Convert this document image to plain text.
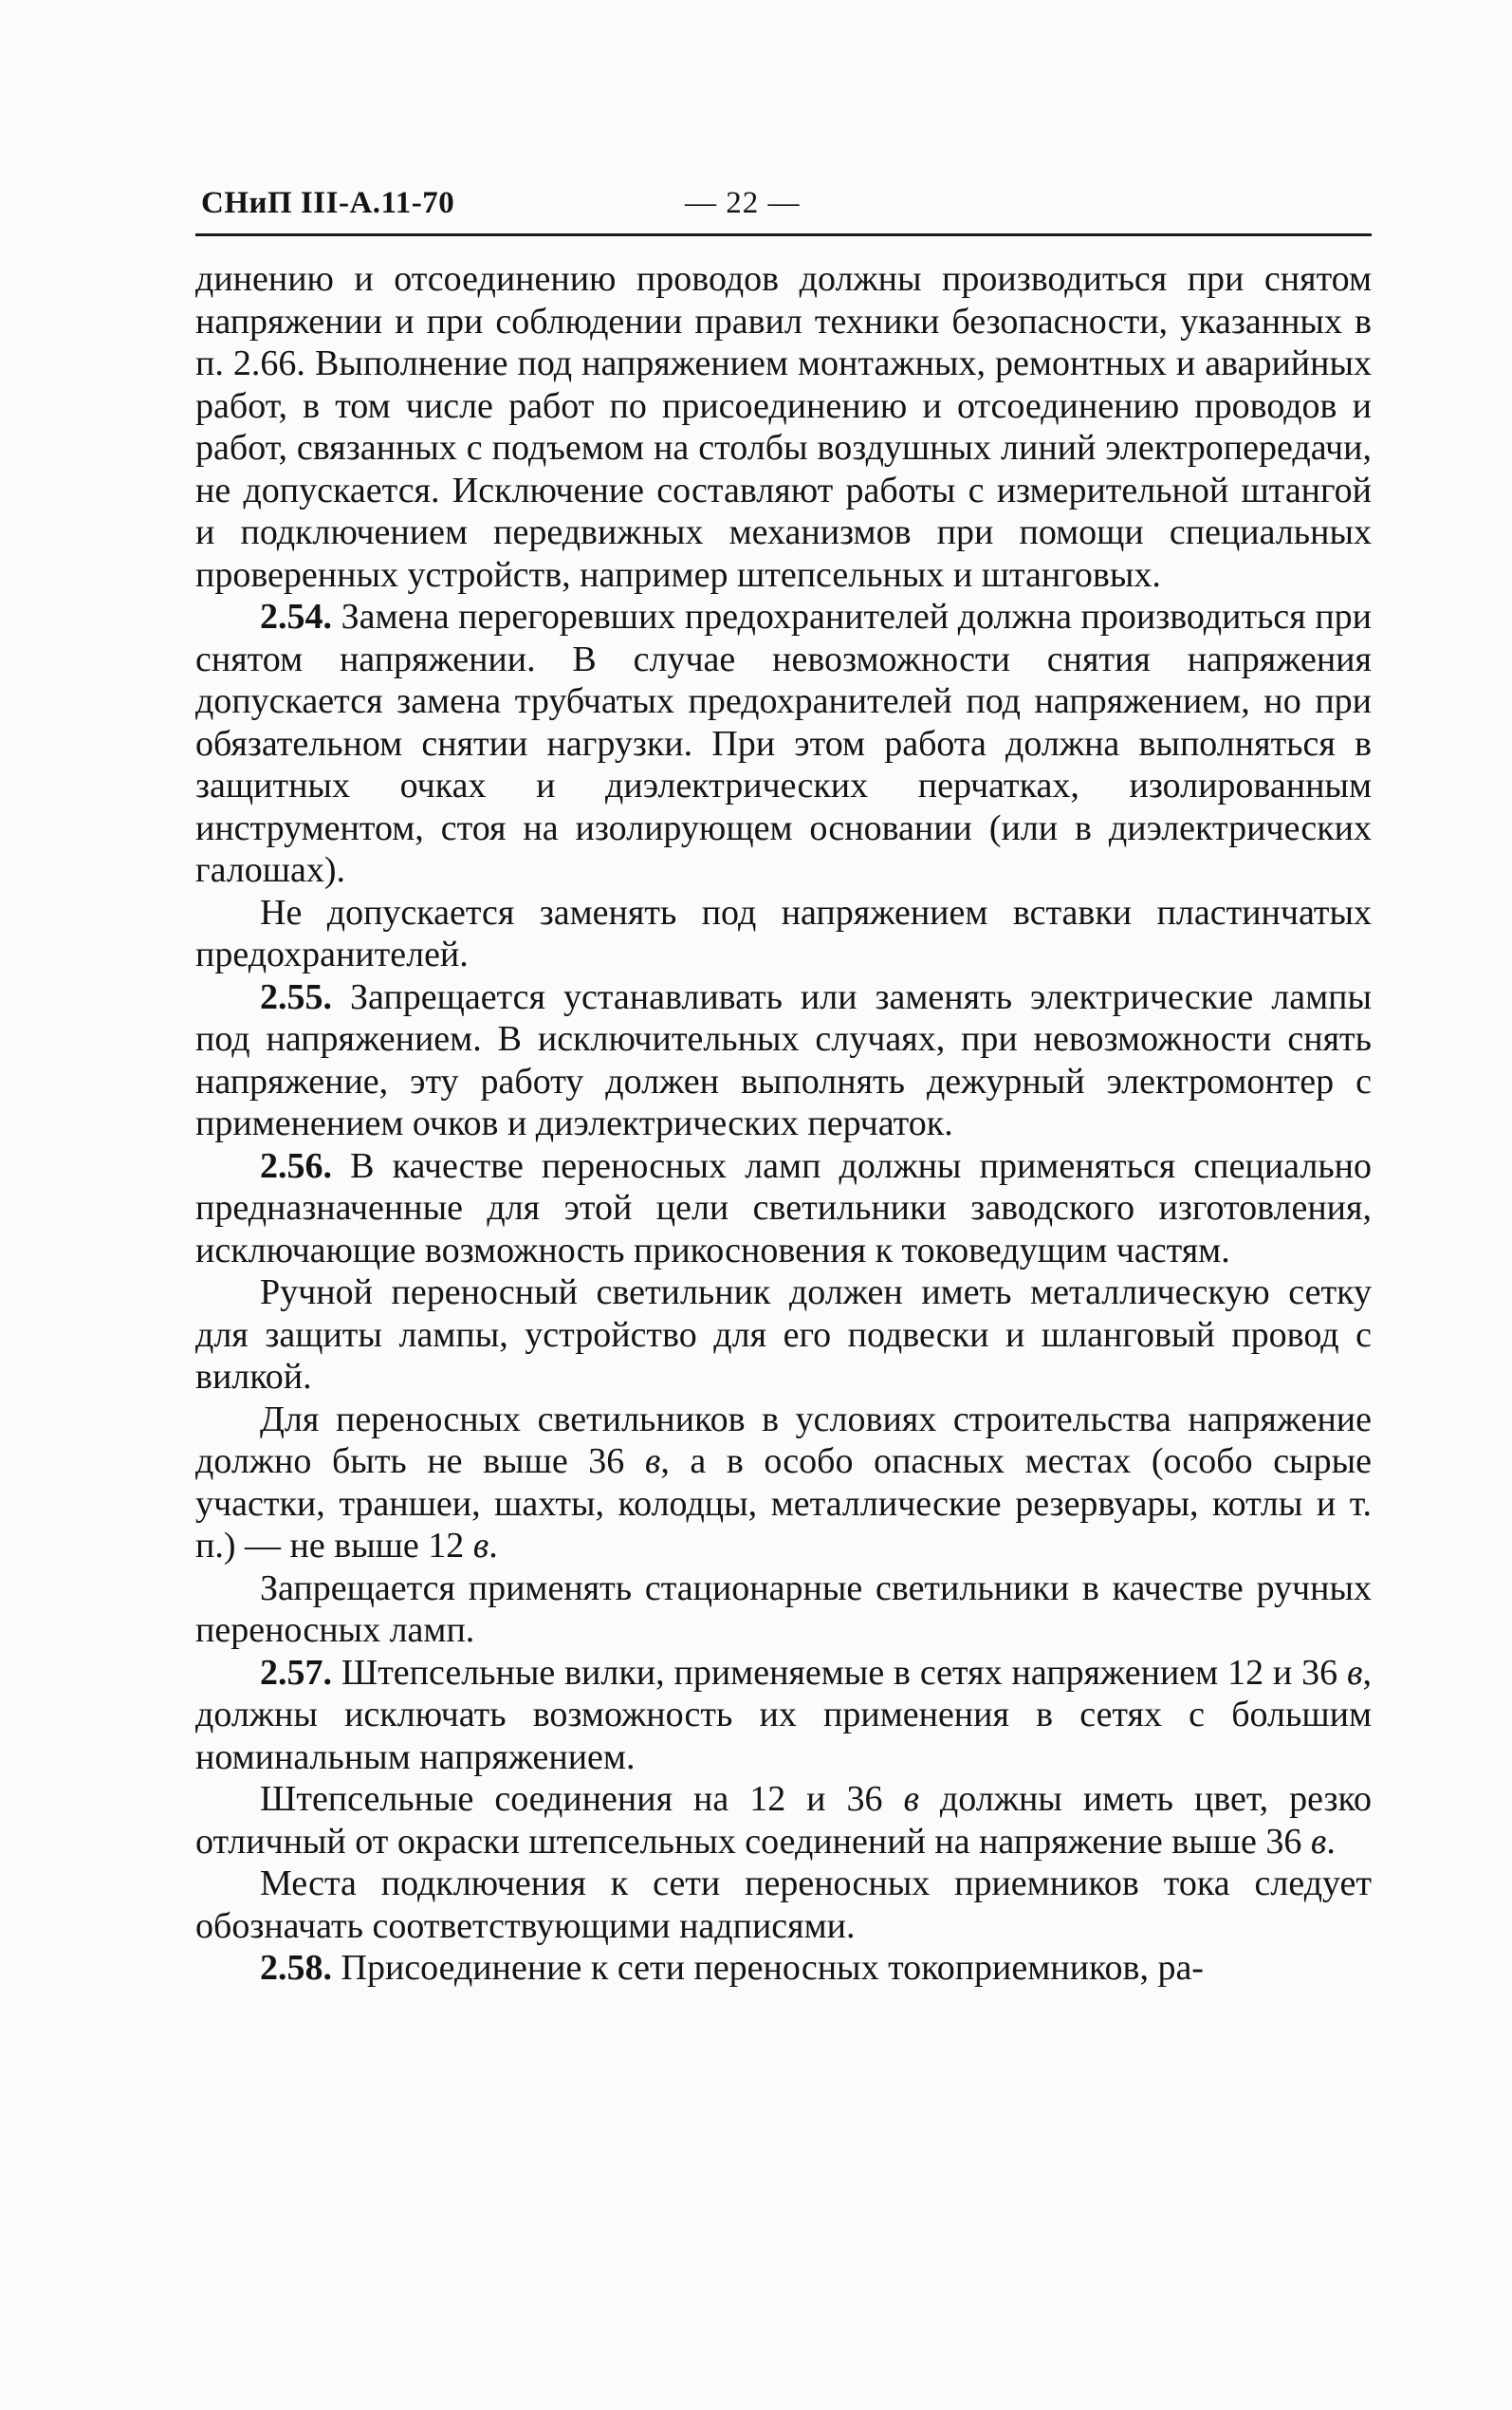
СНиП III-А.11-70	— 22 —

динению и отсоединению проводов должны производиться при снятом напряжении и при соблюдении правил техники безопасности, указанных в п. 2.66. Выполнение под напряжением монтажных, ремонтных и аварийных работ, в том числе работ по присоединению и отсоединению проводов и работ, связанных с подъемом на столбы воздушных линий электропередачи, не допускается. Исключение составляют работы с измерительной штангой и подключением передвижных механизмов при помощи специальных проверенных устройств, например штепсельных и штанговых.

2.54. Замена перегоревших предохранителей должна производиться при снятом напряжении. В случае невозможности снятия напряжения допускается замена трубчатых предохранителей под напряжением, но при обязательном снятии нагрузки. При этом работа должна выполняться в защитных очках и диэлектрических перчатках, изолированным инструментом, стоя на изолирующем основании (или в диэлектрических галошах).

Не допускается заменять под напряжением вставки пластинчатых предохранителей.

2.55. Запрещается устанавливать или заменять электрические лампы под напряжением. В исключительных случаях, при невозможности снять напряжение, эту работу должен выполнять дежурный электромонтер с применением очков и диэлектрических перчаток.

2.56. В качестве переносных ламп должны применяться специально предназначенные для этой цели светильники заводского изготовления, исключающие возможность прикосновения к токоведущим частям.

Ручной переносный светильник должен иметь металлическую сетку для защиты лампы, устройство для его подвески и шланговый провод с вилкой.

Для переносных светильников в условиях строительства напряжение должно быть не выше 36 в, а в особо опасных местах (особо сырые участки, траншеи, шахты, колодцы, металлические резервуары, котлы и т. п.) — не выше 12 в.

Запрещается применять стационарные светильники в качестве ручных переносных ламп.

2.57. Штепсельные вилки, применяемые в сетях напряжением 12 и 36 в, должны исключать возможность их применения в сетях с большим номинальным напряжением.

Штепсельные соединения на 12 и 36 в должны иметь цвет, резко отличный от окраски штепсельных соединений на напряжение выше 36 в.

Места подключения к сети переносных приемников тока следует обозначать соответствующими надписями.

2.58. Присоединение к сети переносных токоприемников, ра-
